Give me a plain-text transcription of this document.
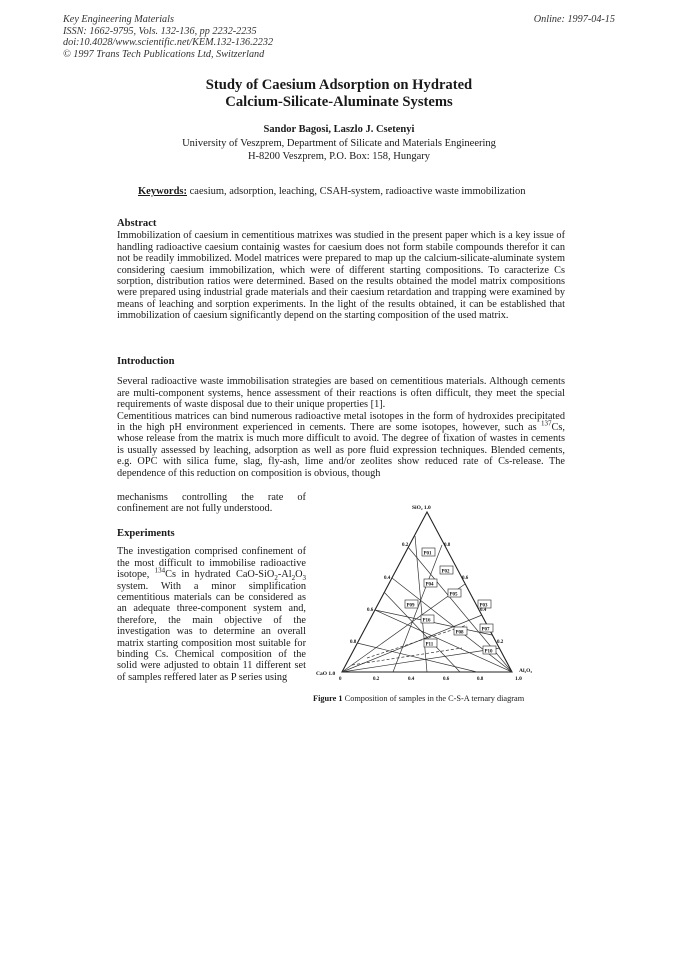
Key Engineering Materials
ISSN: 1662-9795, Vols. 132-136, pp 2232-2235
doi:10.4028/www.scientific.net/KEM.132-136.2232
© 1997 Trans Tech Publications Ltd, Switzerland
Online: 1997-04-15
Study of Caesium Adsorption on Hydrated
Calcium-Silicate-Aluminate Systems
Sandor Bagosi, Laszlo J. Csetenyi
University of Veszprem, Department of Silicate and Materials Engineering
H-8200 Veszprem, P.O. Box: 158, Hungary
Keywords: caesium, adsorption, leaching, CSAH-system, radioactive waste immobilization
Abstract
Immobilization of caesium in cementitious matrixes was studied in the present paper which is a key issue of handling radioactive caesium containig wastes for caesium does not form stabile compounds therefor it can not be readily immobilized. Model matrices were prepared to map up the calcium-silicate-aluminate system considering caesium immobilization, which were of different starting compositions. To caracterize Cs sorption, distribution ratios were determined. Based on the results obtained the model matrix compositions were prepared using industrial grade materials and their caesium retardation and trapping were examined by means of leaching and sorption experiments. In the light of the results obtained, it can be established that immobilization of caesium significantly depend on the starting composition of the used matrix.
Introduction
Several radioactive waste immobilisation strategies are based on cementitious materials. Although cements are multi-component systems, hence assessment of their reactions is often difficult, they meet the special requirements of waste disposal due to their unique properties [1].
Cementitious matrices can bind numerous radioactive metal isotopes in the form of hydroxides precipitated in the high pH environment experienced in cements. There are some isotopes, however, such as $^{137}$Cs, whose release from the matrix is much more difficult to avoid. The degree of fixation of wastes in cements is usually assessed by leaching, adsorption as well as pore fluid expression techniques. Blended cements, e.g. OPC with silica fume, slag, fly-ash, lime and/or zeolites show reduced rate of Cs-release. The dependence of this reduction on composition is obvious, though
mechanisms controlling the rate of confinement are not fully understood.
Experiments
The investigation comprised confinement of the most difficult to immobilise radioactive isotope, $^{134}$Cs in hydrated CaO-$SiO_2-Al_2O_3$ system. With a minor simplification cementitious materials can be considered as an adequate three-component system and, therefore, the main objective of the investigation was to determine an overall matrix starting composition most suitable for binding Cs. Chemical composition of the solid were adjusted to obtain 11 different set of samples reffered later as P series using
P01
P02
P04
P05
P09
P16
P08
P07
P11
P10
P03
SiO₂ 1.0
CaO 1.0	Al₂O₃
1.0
0.2
0.4
0.6
0.8
0.8
0.6
0.4
0.2
0	0.2	0.4	0.6	0.8
Figure 1 Composition of samples in the C-S-A ternary diagram
